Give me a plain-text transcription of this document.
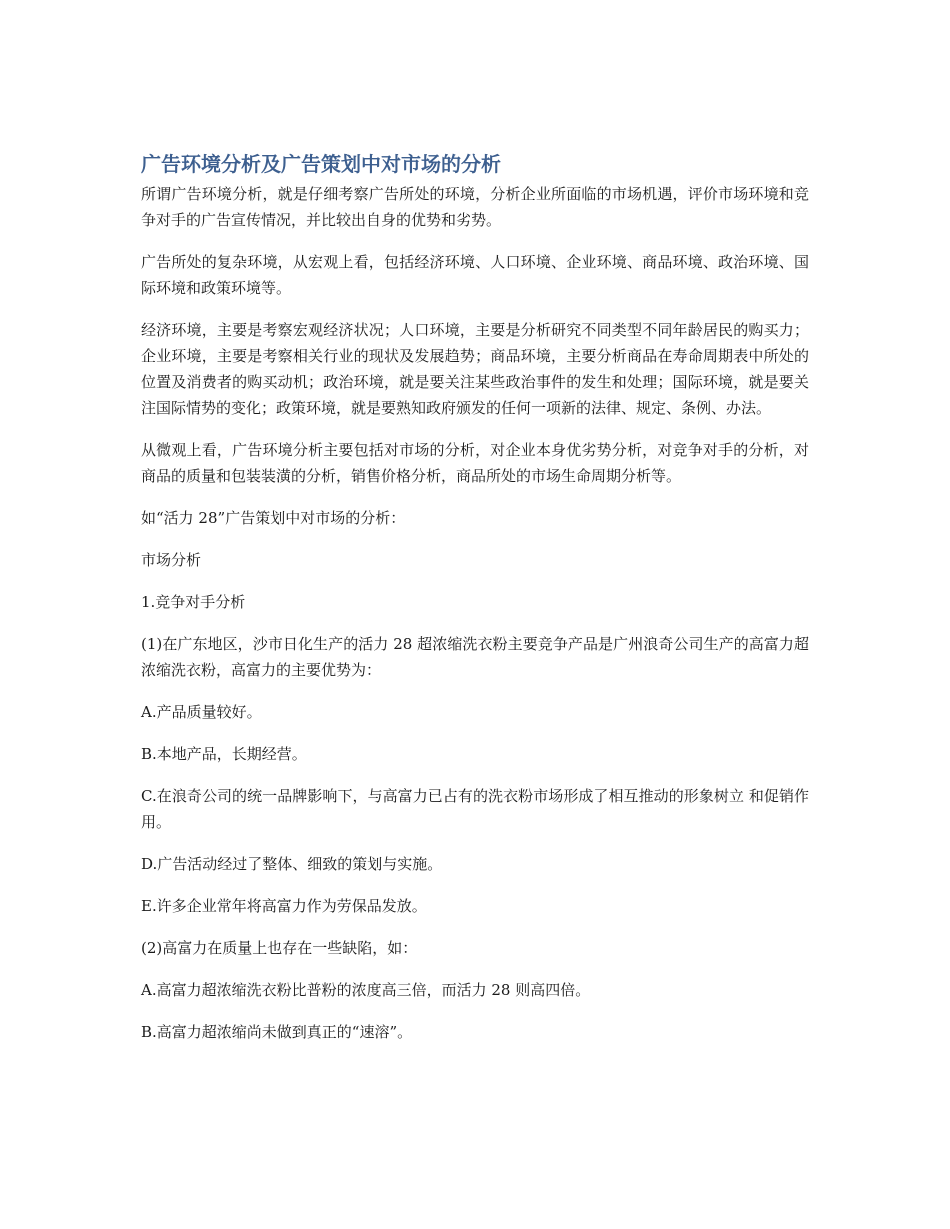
广告环境分析及广告策划中对市场的分析

所谓广告环境分析，就是仔细考察广告所处的环境，分析企业所面临的市场机遇，评价市场环境和竞争对手的广告宣传情况，并比较出自身的优势和劣势。

广告所处的复杂环境，从宏观上看，包括经济环境、人口环境、企业环境、商品环境、政治环境、国际环境和政策环境等。

经济环境，主要是考察宏观经济状况；人口环境，主要是分析研究不同类型不同年龄居民的购买力；企业环境，主要是考察相关行业的现状及发展趋势；商品环境，主要分析商品在寿命周期表中所处的位置及消费者的购买动机；政治环境，就是要关注某些政治事件的发生和处理；国际环境，就是要关注国际情势的变化；政策环境，就是要熟知政府颁发的任何一项新的法律、规定、条例、办法。

从微观上看，广告环境分析主要包括对市场的分析，对企业本身优劣势分析，对竞争对手的分析，对商品的质量和包装装潢的分析，销售价格分析，商品所处的市场生命周期分析等。

如“活力 28”广告策划中对市场的分析：

市场分析

1.竞争对手分析

(1)在广东地区，沙市日化生产的活力 28 超浓缩洗衣粉主要竞争产品是广州浪奇公司生产的高富力超浓缩洗衣粉，高富力的主要优势为：

A.产品质量较好。

B.本地产品，长期经营。

C.在浪奇公司的统一品牌影响下，与高富力已占有的洗衣粉市场形成了相互推动的形象树立 和促销作用。

D.广告活动经过了整体、细致的策划与实施。

E.许多企业常年将高富力作为劳保品发放。

(2)高富力在质量上也存在一些缺陷，如：

A.高富力超浓缩洗衣粉比普粉的浓度高三倍，而活力 28 则高四倍。

B.高富力超浓缩尚未做到真正的“速溶”。
